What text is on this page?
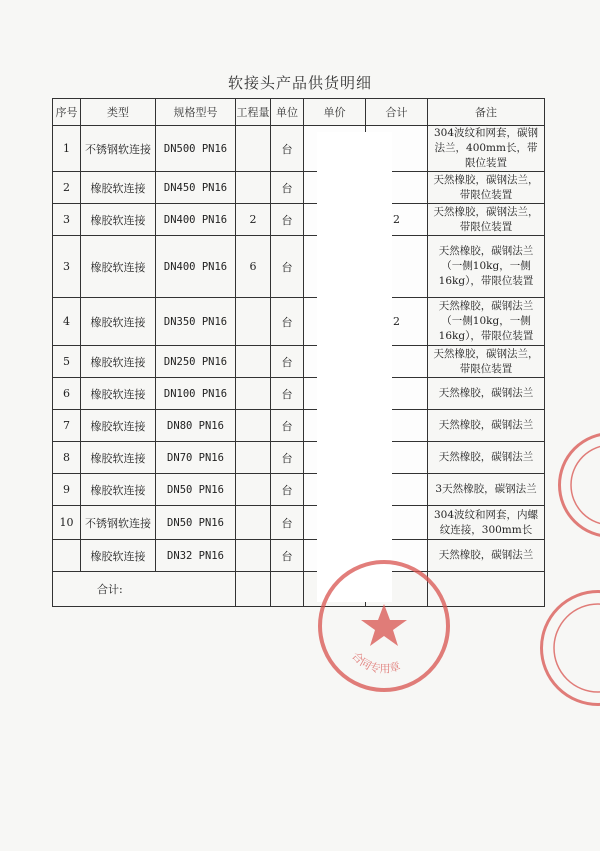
软接头产品供货明细
序号	类型	规格型号	工程量	单位	单价	合计	备注
1	不锈钢软连接	DN500 PN16		台			304波纹和网套，碳钢法兰，400mm长，带限位装置
2	橡胶软连接	DN450 PN16		台			天然橡胶，碳钢法兰，带限位装置
3	橡胶软连接	DN400 PN16	2	台		2	天然橡胶，碳钢法兰，带限位装置
3	橡胶软连接	DN400 PN16	6	台			天然橡胶，碳钢法兰（一侧10kg，一侧16kg），带限位装置
4	橡胶软连接	DN350 PN16		台		2	天然橡胶，碳钢法兰（一侧10kg，一侧16kg），带限位装置
5	橡胶软连接	DN250 PN16		台			天然橡胶，碳钢法兰，带限位装置
6	橡胶软连接	DN100 PN16		台			天然橡胶，碳钢法兰
7	橡胶软连接	DN80 PN16		台			天然橡胶，碳钢法兰
8	橡胶软连接	DN70 PN16		台			天然橡胶，碳钢法兰
9	橡胶软连接	DN50 PN16		台			3天然橡胶，碳钢法兰
10	不锈钢软连接	DN50 PN16		台			304波纹和网套，内螺纹连接，300mm长
	橡胶软连接	DN32 PN16		台			天然橡胶，碳钢法兰
合计:							
合同专用章
